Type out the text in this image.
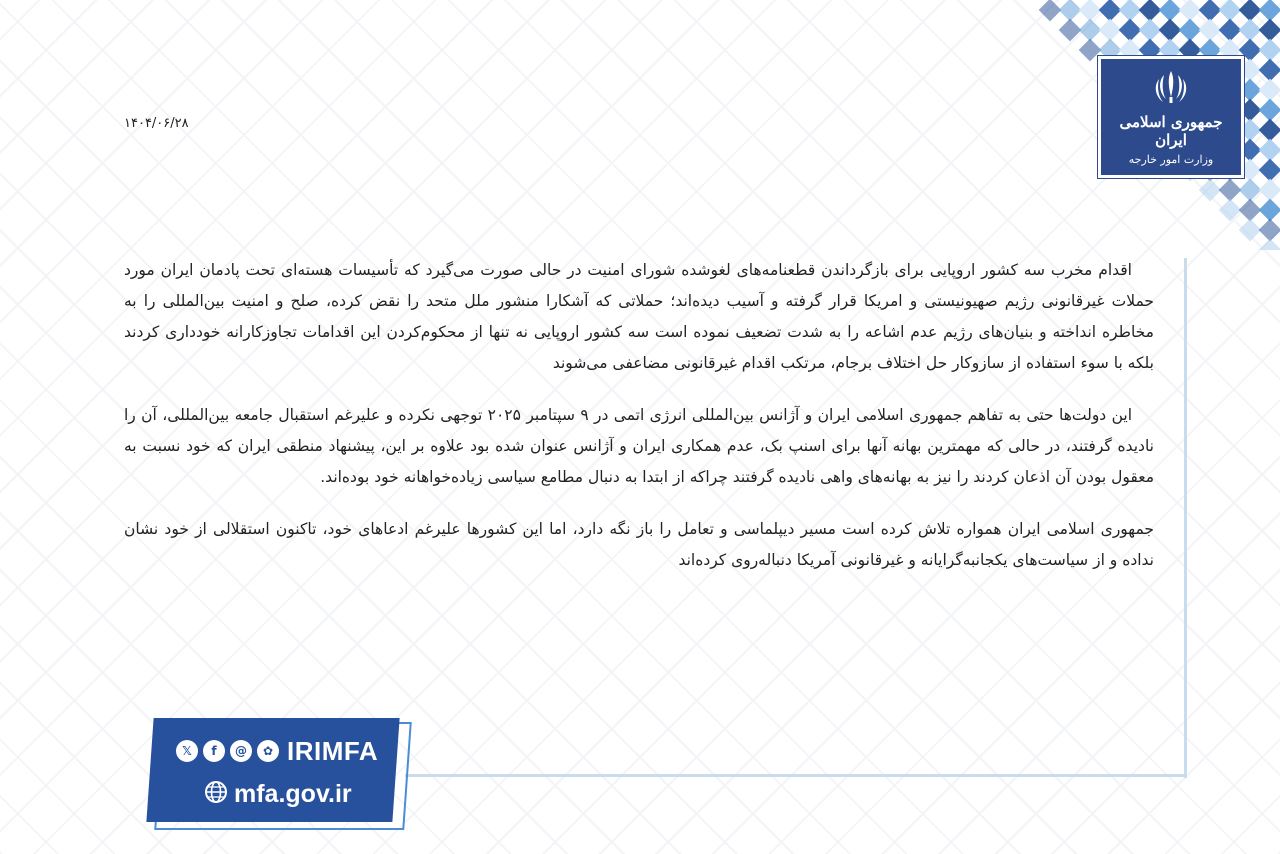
جمهوری اسلامی ایران
وزارت امور خارجه
۱۴۰۴/۰۶/۲۸

اقدام مخرب سه کشور اروپایی برای بازگرداندن قطعنامه‌های لغوشده شورای امنیت در حالی صورت می‌گیرد که تأسیسات هسته‌ای تحت پادمان ایران مورد حملات غیرقانونی رژیم صهیونیستی و امریکا قرار گرفته و آسیب دیده‌اند؛ حملاتی که آشکارا منشور ملل متحد را نقض کرده، صلح و امنیت بین‌المللی را به مخاطره انداخته و بنیان‌های رژیم عدم اشاعه را به شدت تضعیف نموده است سه کشور اروپایی نه تنها از محکوم‌کردن این اقدامات تجاوزکارانه خودداری کردند بلکه با سوء استفاده از سازوکار حل اختلاف برجام، مرتکب اقدام غیرقانونی مضاعفی می‌شوند

این دولت‌ها حتی به تفاهم جمهوری اسلامی ایران و آژانس بین‌المللی انرژی اتمی در ۹ سپتامبر ۲۰۲۵ توجهی نکرده و علیرغم استقبال جامعه بین‌المللی، آن را نادیده گرفتند، در حالی که مهمترین بهانه آنها برای اسنپ بک، عدم همکاری ایران و آژانس عنوان شده بود علاوه بر این، پیشنهاد منطقی ایران که خود نسبت به معقول بودن آن اذعان کردند را نیز به بهانه‌های واهی نادیده گرفتند چراکه از ابتدا به دنبال مطامع سیاسی زیاده‌خواهانه خود بوده‌اند.

جمهوری اسلامی ایران همواره تلاش کرده است مسیر دیپلماسی و تعامل را باز نگه دارد، اما این کشورها علیرغم ادعاهای خود، تاکنون استقلالی از خود نشان نداده و از سیاست‌های یکجانبه‌گرایانه و غیرقانونی آمریکا دنباله‌روی کرده‌اند

𝕏	f	@	✿ IRIMFA
mfa.gov.ir
